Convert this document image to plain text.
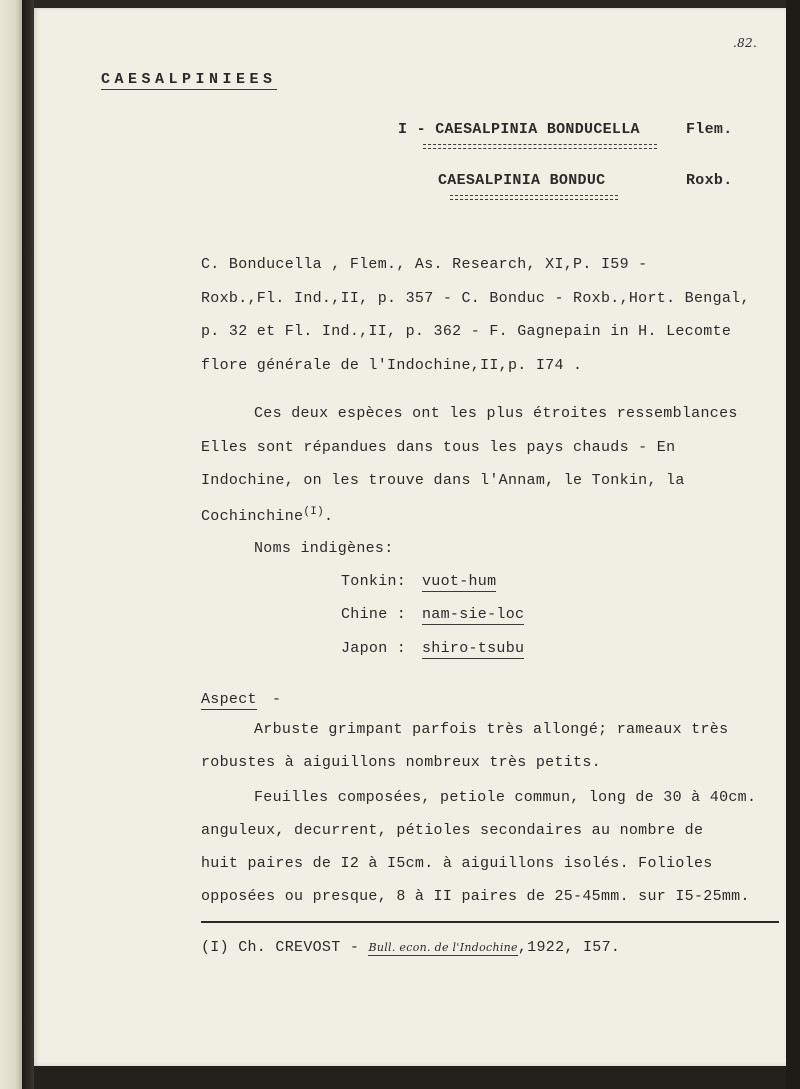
.82.
CAESALPINIEES
I - CAESALPINIA BONDUCELLA	Flem.
CAESALPINIA BONDUC	Roxb.
C. Bonducella , Flem., As. Research, XI,P. I59 -
Roxb.,Fl. Ind.,II, p. 357 - C. Bonduc - Roxb.,Hort. Bengal,
p. 32 et Fl. Ind.,II, p. 362 - F. Gagnepain in H. Lecomte
flore générale de l'Indochine,II,p. I74 .
Ces deux espèces ont les plus étroites ressemblances
Elles sont répandues dans tous les pays chauds - En
Indochine, on les trouve dans l'Annam, le Tonkin, la
Cochinchine$^{(I)}$.
Noms indigènes:
Tonkin: vuot-hum
Chine : nam-sie-loc
Japon : shiro-tsubu
Aspect -
Arbuste grimpant parfois très allongé; rameaux très
robustes à aiguillons nombreux très petits.
Feuilles composées, petiole commun, long de 30 à 40cm.
anguleux, decurrent, pétioles secondaires au nombre de
huit paires de I2 à I5cm. à aiguillons isolés. Folioles
opposées ou presque, 8 à II paires de 25-45mm. sur I5-25mm.
(I) Ch. CREVOST - Bull. econ. de l'Indochine,1922, I57.
